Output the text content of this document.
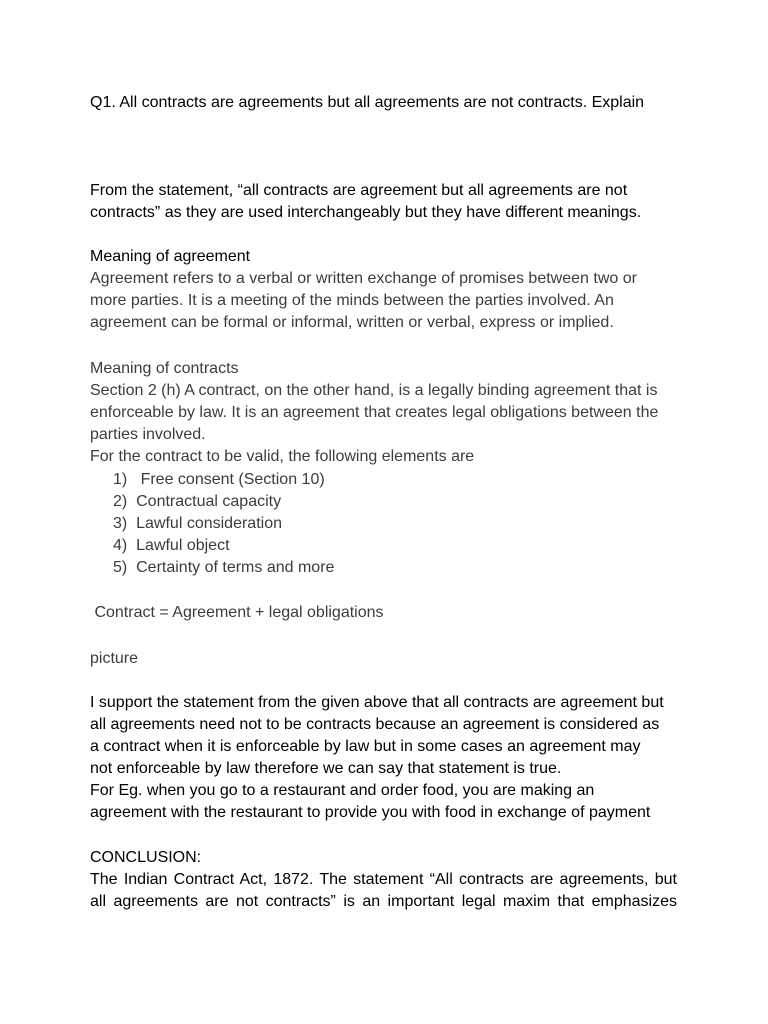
Q1. All contracts are agreements but all agreements are not contracts. Explain

From the statement, “all contracts are agreement but all agreements are not

contracts” as they are used interchangeably but they have different meanings.

Meaning of agreement

Agreement refers to a verbal or written exchange of promises between two or

more parties. It is a meeting of the minds between the parties involved. An

agreement can be formal or informal, written or verbal, express or implied.

Meaning of contracts

Section 2 (h) A contract, on the other hand, is a legally binding agreement that is

enforceable by law. It is an agreement that creates legal obligations between the

parties involved.

For the contract to be valid, the following elements are

1) Free consent (Section 10)

2) Contractual capacity

3) Lawful consideration

4) Lawful object

5) Certainty of terms and more

Contract = Agreement + legal obligations

picture

I support the statement from the given above that all contracts are agreement but

all agreements need not to be contracts because an agreement is considered as

a contract when it is enforceable by law but in some cases an agreement may

not enforceable by law therefore we can say that statement is true.

For Eg. when you go to a restaurant and order food, you are making an

agreement with the restaurant to provide you with food in exchange of payment

CONCLUSION:

The Indian Contract Act, 1872. The statement “All contracts are agreements, but

all agreements are not contracts” is an important legal maxim that emphasizes
